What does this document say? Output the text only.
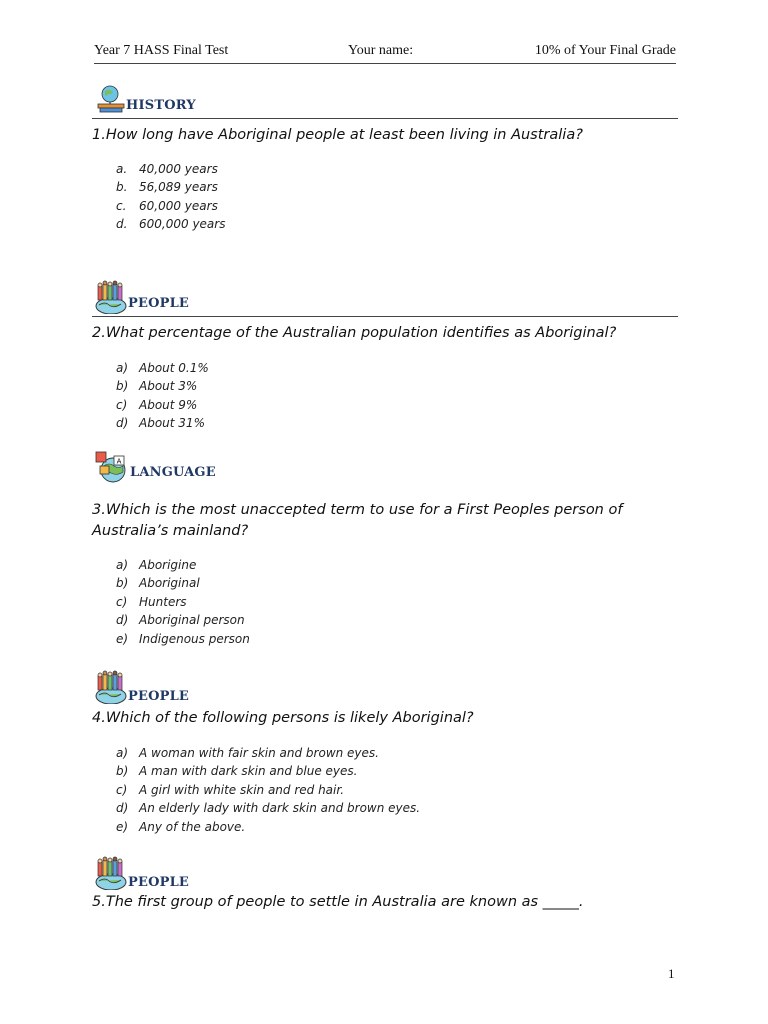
Year 7 HASS Final Test	Your name:	10% of Your Final Grade
HISTORY

1.How long have Aboriginal people at least been living in Australia?

a. 40,000 years
b. 56,089 years
c.	60,000 years
d. 600,000 years
PEOPLE

2.What percentage of the Australian population identifies as Aboriginal?

a) About 0.1%
b) About 3%
c) About 9%
d) About 31%
A
LANGUAGE

3.Which is the most unaccepted term to use for a First Peoples person of Australia’s mainland?

a) Aborigine
b) Aboriginal
c) Hunters
d) Aboriginal person
e) Indigenous person
PEOPLE

4.Which of the following persons is likely Aboriginal?

a) A woman with fair skin and brown eyes.
b) A man with dark skin and blue eyes.
c) A girl with white skin and red hair.
d) An elderly lady with dark skin and brown eyes.
e) Any of the above.
PEOPLE

5.The first group of people to settle in Australia are known as _____.

1
